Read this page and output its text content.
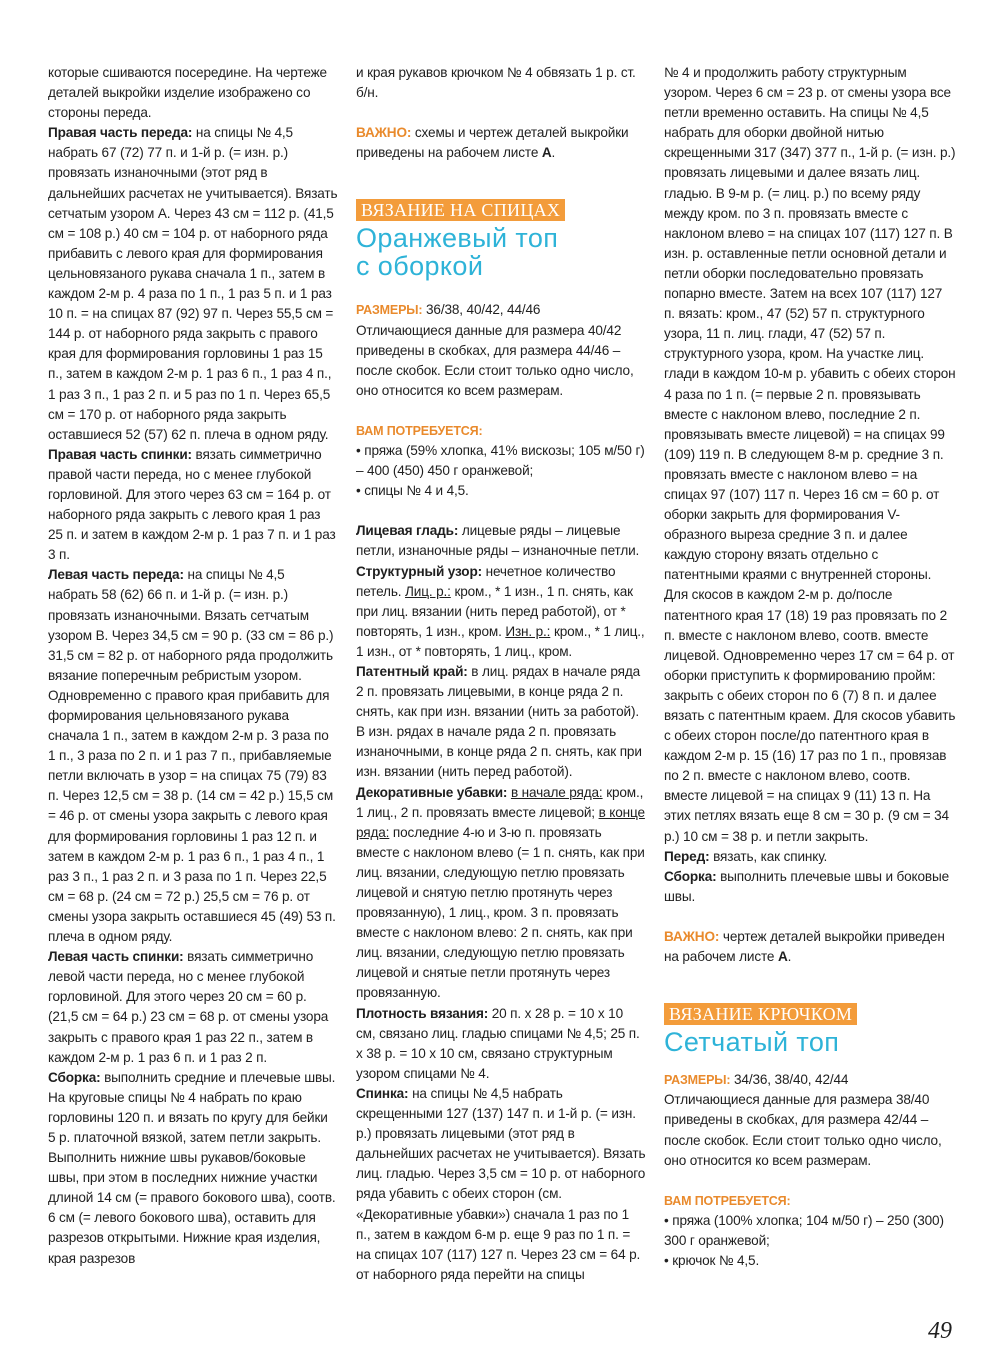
которые сшиваются посередине. На чертеже деталей выкройки изделие изображено со стороны переда.

Правая часть переда: на спицы № 4,5 набрать 67 (72) 77 п. и 1-й р. (= изн. р.) провязать изнаночными (этот ряд в дальнейших расчетах не учитывается). Вязать сетчатым узором А. Через 43 см = 112 р. (41,5 см = 108 р.) 40 см = 104 р. от наборного ряда прибавить с левого края для формирования цельновязаного рукава сначала 1 п., затем в каждом 2-м р. 4 раза по 1 п., 1 раз 5 п. и 1 раз 10 п. = на спицах 87 (92) 97 п. Через 55,5 см = 144 р. от наборного ряда закрыть с правого края для формирования горловины 1 раз 15 п., затем в каждом 2-м р. 1 раз 6 п., 1 раз 4 п., 1 раз 3 п., 1 раз 2 п. и 5 раз по 1 п. Через 65,5 см = 170 р. от наборного ряда закрыть оставшиеся 52 (57) 62 п. плеча в одном ряду.

Правая часть спинки: вязать симметрично правой части переда, но с менее глубокой горловиной. Для этого через 63 см = 164 р. от наборного ряда закрыть с левого края 1 раз 25 п. и затем в каждом 2-м р. 1 раз 7 п. и 1 раз 3 п.

Левая часть переда: на спицы № 4,5 набрать 58 (62) 66 п. и 1-й р. (= изн. р.) провязать изнаночными. Вязать сетчатым узором В. Через 34,5 см = 90 р. (33 см = 86 р.) 31,5 см = 82 р. от наборного ряда продолжить вязание поперечным ребристым узором. Одновременно с правого края прибавить для формирования цельновязаного рукава сначала 1 п., затем в каждом 2-м р. 3 раза по 1 п., 3 раза по 2 п. и 1 раз 7 п., прибавляемые петли включать в узор = на спицах 75 (79) 83 п. Через 12,5 см = 38 р. (14 см = 42 р.) 15,5 см = 46 р. от смены узора закрыть с левого края для формирования горловины 1 раз 12 п. и затем в каждом 2-м р. 1 раз 6 п., 1 раз 4 п., 1 раз 3 п., 1 раз 2 п. и 3 раза по 1 п. Через 22,5 см = 68 р. (24 см = 72 р.) 25,5 см = 76 р. от смены узора закрыть оставшиеся 45 (49) 53 п. плеча в одном ряду.

Левая часть спинки: вязать симметрично левой части переда, но с менее глубокой горловиной. Для этого через 20 см = 60 р. (21,5 см = 64 р.) 23 см = 68 р. от смены узора закрыть с правого края 1 раз 22 п., затем в каждом 2-м р. 1 раз 6 п. и 1 раз 2 п.

Сборка: выполнить средние и плечевые швы. На круговые спицы № 4 набрать по краю горловины 120 п. и вязать по кругу для бейки 5 р. платочной вязкой, затем петли закрыть. Выполнить нижние швы рукавов/боковые швы, при этом в последних нижние участки длиной 14 см (= правого бокового шва), соотв. 6 см (= левого бокового шва), оставить для разрезов открытыми. Нижние края изделия, края разрезов

и края рукавов крючком № 4 обвязать 1 р. ст. б/н.

ВАЖНО: схемы и чертеж деталей выкройки приведены на рабочем листе А.

ВЯЗАНИЕ НА СПИЦАХ
Оранжевый топ
с оборкой

РАЗМЕРЫ: 36/38, 40/42, 44/46

Отличающиеся данные для размера 40/42 приведены в скобках, для размера 44/46 – после скобок. Если стоит только одно число, оно относится ко всем размерам.

ВАМ ПОТРЕБУЕТСЯ:

• пряжа (59% хлопка, 41% вискозы; 105 м/50 г) – 400 (450) 450 г оранжевой;

• спицы № 4 и 4,5.

Лицевая гладь: лицевые ряды – лицевые петли, изнаночные ряды – изнаночные петли.

Структурный узор: нечетное количество петель. Лиц. р.: кром., * 1 изн., 1 п. снять, как при лиц. вязании (нить перед работой), от * повторять, 1 изн., кром. Изн. р.: кром., * 1 лиц., 1 изн., от * повторять, 1 лиц., кром.

Патентный край: в лиц. рядах в начале ряда 2 п. провязать лицевыми, в конце ряда 2 п. снять, как при изн. вязании (нить за работой). В изн. рядах в начале ряда 2 п. провязать изнаночными, в конце ряда 2 п. снять, как при изн. вязании (нить перед работой).

Декоративные убавки: в начале ряда: кром., 1 лиц., 2 п. провязать вместе лицевой; в конце ряда: последние 4-ю и 3-ю п. провязать вместе с наклоном влево (= 1 п. снять, как при лиц. вязании, следующую петлю провязать лицевой и снятую петлю протянуть через провязанную), 1 лиц., кром. 3 п. провязать вместе с наклоном влево: 2 п. снять, как при лиц. вязании, следующую петлю провязать лицевой и снятые петли протянуть через провязанную.

Плотность вязания: 20 п. x 28 р. = 10 x 10 см, связано лиц. гладью спицами № 4,5; 25 п. x 38 р. = 10 x 10 см, связано структурным узором спицами № 4.

Спинка: на спицы № 4,5 набрать скрещенными 127 (137) 147 п. и 1-й р. (= изн. р.) провязать лицевыми (этот ряд в дальнейших расчетах не учитывается). Вязать лиц. гладью. Через 3,5 см = 10 р. от наборного ряда убавить с обеих сторон (см. «Декоративные убавки») сначала 1 раз по 1 п., затем в каждом 6-м р. еще 9 раз по 1 п. = на спицах 107 (117) 127 п. Через 23 см = 64 р. от наборного ряда перейти на спицы

№ 4 и продолжить работу структурным узором. Через 6 см = 23 р. от смены узора все петли временно оставить. На спицы № 4,5 набрать для оборки двойной нитью скрещенными 317 (347) 377 п., 1-й р. (= изн. р.) провязать лицевыми и далее вязать лиц. гладью. В 9-м р. (= лиц. р.) по всему ряду между кром. по 3 п. провязать вместе с наклоном влево = на спицах 107 (117) 127 п. В изн. р. оставленные петли основной детали и петли оборки последовательно провязать попарно вместе. Затем на всех 107 (117) 127 п. вязать: кром., 47 (52) 57 п. структурного узора, 11 п. лиц. глади, 47 (52) 57 п. структурного узора, кром. На участке лиц. глади в каждом 10-м р. убавить с обеих сторон 4 раза по 1 п. (= первые 2 п. провязывать вместе с наклоном влево, последние 2 п. провязывать вместе лицевой) = на спицах 99 (109) 119 п. В следующем 8-м р. средние 3 п. провязать вместе с наклоном влево = на спицах 97 (107) 117 п. Через 16 см = 60 р. от оборки закрыть для формирования V-образного выреза средние 3 п. и далее каждую сторону вязать отдельно с патентными краями с внутренней стороны. Для скосов в каждом 2-м р. до/после патентного края 17 (18) 19 раз провязать по 2 п. вместе с наклоном влево, соотв. вместе лицевой. Одновременно через 17 см = 64 р. от оборки приступить к формированию пройм: закрыть с обеих сторон по 6 (7) 8 п. и далее вязать с патентным краем. Для скосов убавить с обеих сторон после/до патентного края в каждом 2-м р. 15 (16) 17 раз по 1 п., провязав по 2 п. вместе с наклоном влево, соотв. вместе лицевой = на спицах 9 (11) 13 п. На этих петлях вязать еще 8 см = 30 р. (9 см = 34 р.) 10 см = 38 р. и петли закрыть.

Перед: вязать, как спинку.

Сборка: выполнить плечевые швы и боковые швы.

ВАЖНО: чертеж деталей выкройки приведен на рабочем листе А.

ВЯЗАНИЕ КРЮЧКОМ
Сетчатый топ

РАЗМЕРЫ: 34/36, 38/40, 42/44

Отличающиеся данные для размера 38/40 приведены в скобках, для размера 42/44 – после скобок. Если стоит только одно число, оно относится ко всем размерам.

ВАМ ПОТРЕБУЕТСЯ:

• пряжа (100% хлопка; 104 м/50 г) – 250 (300) 300 г оранжевой;

• крючок № 4,5.

49
